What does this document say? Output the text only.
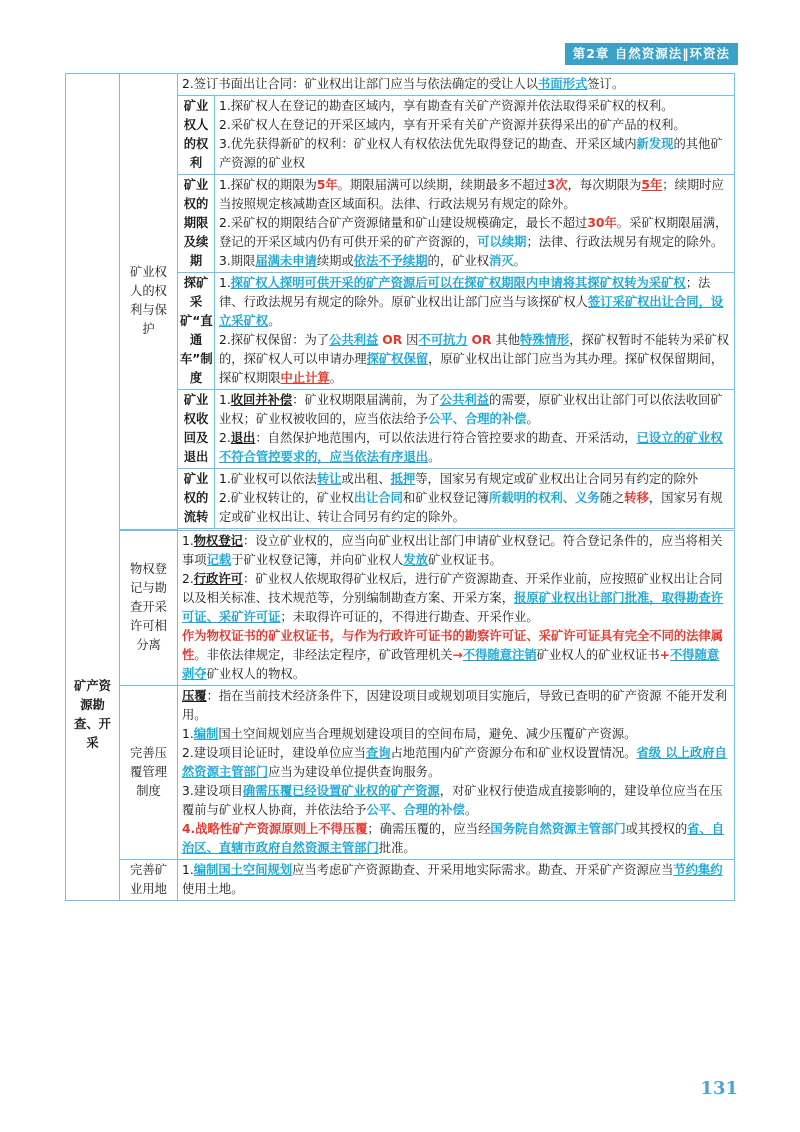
第2章 自然资源法‖环资法
	矿业权人的权利与保护	2.签订书面出让合同：矿业权出让部门应当与依法确定的受让人以书面形式签订。	

		矿业权人的权利	1.探矿权人在登记的勘查区域内，享有勘查有关矿产资源并依法取得采矿权的权利。

2.采矿权人在登记的开采区域内，享有开采有关矿产资源并获得采出的矿产品的权利。

3.优先获得新矿的权利：矿业权人有权依法优先取得登记的勘查、开采区域内新发现的其他矿产资源的矿业权

		矿业权的期限及续期	1.探矿权的期限为5年。期限届满可以续期，续期最多不超过3次，每次期限为5年；续期时应当按照规定核减勘查区域面积。法律、行政法规另有规定的除外。

2.采矿权的期限结合矿产资源储量和矿山建设规模确定，最长不超过30年。采矿权期限届满，登记的开采区域内仍有可供开采的矿产资源的，可以续期；法律、行政法规另有规定的除外。

3.期限届满未申请续期或依法不予续期的，矿业权消灭。

		探矿采矿“直通车”制度	1.探矿权人探明可供开采的矿产资源后可以在探矿权期限内申请将其探矿权转为采矿权；法律、行政法规另有规定的除外。原矿业权出让部门应当与该探矿权人签订采矿权出让合同，设立采矿权。

2.探矿权保留：为了公共利益 OR 因不可抗力 OR 其他特殊情形，探矿权暂时不能转为采矿权的，探矿权人可以申请办理探矿权保留，原矿业权出让部门应当为其办理。探矿权保留期间，探矿权期限中止计算。

		矿业权收回及退出	1.收回并补偿：矿业权期限届满前，为了公共利益的需要，原矿业权出让部门可以依法收回矿业权；矿业权被收回的，应当依法给予公平、合理的补偿。

2.退出：自然保护地范围内，可以依法进行符合管控要求的勘查、开采活动，已设立的矿业权不符合管控要求的，应当依法有序退出。

		矿业权的流转	1.矿业权可以依法转让或出租、抵押等，国家另有规定或矿业权出让合同另有约定的除外

2.矿业权转让的，矿业权出让合同和矿业权登记簿所载明的权利、义务随之转移，国家另有规定或矿业权出让、转让合同另有约定的除外。

矿产资源勘查、开采	物权登记与勘查开采许可相分离	1.物权登记：设立矿业权的，应当向矿业权出让部门申请矿业权登记。符合登记条件的，应当将相关事项记载于矿业权登记簿，并向矿业权人发放矿业权证书。

2.行政许可：矿业权人依规取得矿业权后，进行矿产资源勘查、开采作业前，应按照矿业权出让合同以及相关标准、技术规范等，分别编制勘查方案、开采方案，报原矿业权出让部门批准，取得勘查许可证、采矿许可证；未取得许可证的，不得进行勘查、开采作业。

作为物权证书的矿业权证书，与作为行政许可证书的勘察许可证、采矿许可证具有完全不同的法律属性。非依法律规定，非经法定程序，矿政管理机关→不得随意注销矿业权人的矿业权证书+不得随意剥夺矿业权人的物权。	

	完善压覆管理制度	压覆：指在当前技术经济条件下，因建设项目或规划项目实施后，导致已查明的矿产资源 不能开发利用。

1.编制国土空间规划应当合理规划建设项目的空间布局，避免、减少压覆矿产资源。

2.建设项目论证时，建设单位应当查询占地范围内矿产资源分布和矿业权设置情况。省级 以上政府自然资源主管部门应当为建设单位提供查询服务。

3.建设项目确需压覆已经设置矿业权的矿产资源，对矿业权行使造成直接影响的，建设单位应当在压覆前与矿业权人协商，并依法给予公平、合理的补偿。

4.战略性矿产资源原则上不得压覆；确需压覆的，应当经国务院自然资源主管部门或其授权的省、自治区、直辖市政府自然资源主管部门批准。	

	完善矿业用地	1.编制国土空间规划应当考虑矿产资源勘查、开采用地实际需求。勘查、开采矿产资源应当节约集约使用土地。	

131
